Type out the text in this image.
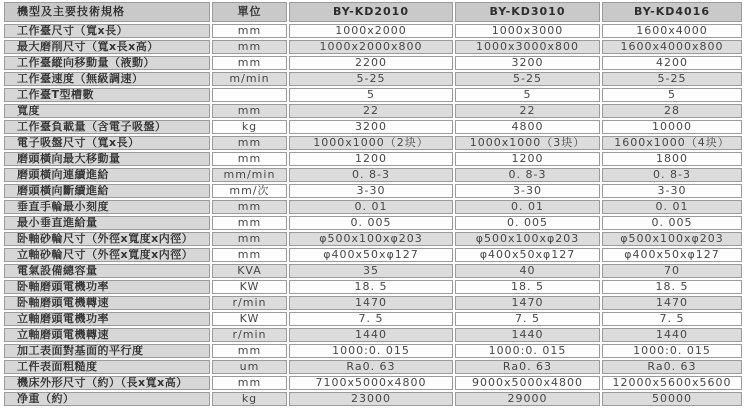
機型及主要技術規格	單位	BY-KD2010	BY-KD3010	BY-KD4016
工作臺尺寸（寬x長）	mm	1000x2000	1000x3000	1600x4000
最大磨削尺寸（寬x長x高）	mm	1000x2000x800	1000x3000x800	1600x4000x800
工作臺縱向移動量（液動）	mm	2200	3200	4200
工作臺速度（無級調速）	m/min	5-25	5-25	5-25
工作臺T型槽數		5	5	5
寬度	mm	22	22	28
工作臺負載量（含電子吸盤）	kg	3200	4800	10000
電子吸盤尺寸（寬x長）	mm	1000x1000（2块）	1000x1000（3块）	1600x1000（4块）
磨頭橫向最大移動量	mm	1200	1200	1800
磨頭橫向連續進給	mm/min	0. 8-3	0. 8-3	0. 8-3
磨頭橫向斷續進給	mm/次	3-30	3-30	3-30
垂直手輪最小刻度	mm	0. 01	0. 01	0. 01
最小垂直進給量	mm	0. 005	0. 005	0. 005
卧軸砂輪尺寸（外徑x寬度x内徑）	mm	φ500x100xφ203	φ500x100xφ203	φ500x100xφ203
立軸砂輪尺寸（外徑x寬度x内徑）	mm	φ400x50xφ127	φ400x50xφ127	φ400x50xφ127
電氣設備總容量	KVA	35	40	70
卧軸磨頭電機功率	KW	18. 5	18. 5	18. 5
卧軸磨頭電機轉速	r/min	1470	1470	1470
立軸磨頭電機功率	KW	7. 5	7. 5	7. 5
立軸磨頭電機轉速	r/min	1440	1440	1440
加工表面對基面的平行度	mm	1000:0. 015	1000:0. 015	1000:0. 015
工件表面粗糙度	um	Ra0. 63	Ra0. 63	Ra0. 63
機床外形尺寸（約）（長x寬x高）	mm	7100x5000x4800	9000x5000x4800	12000x5600x5600
净重（約）	kg	23000	29000	50000
